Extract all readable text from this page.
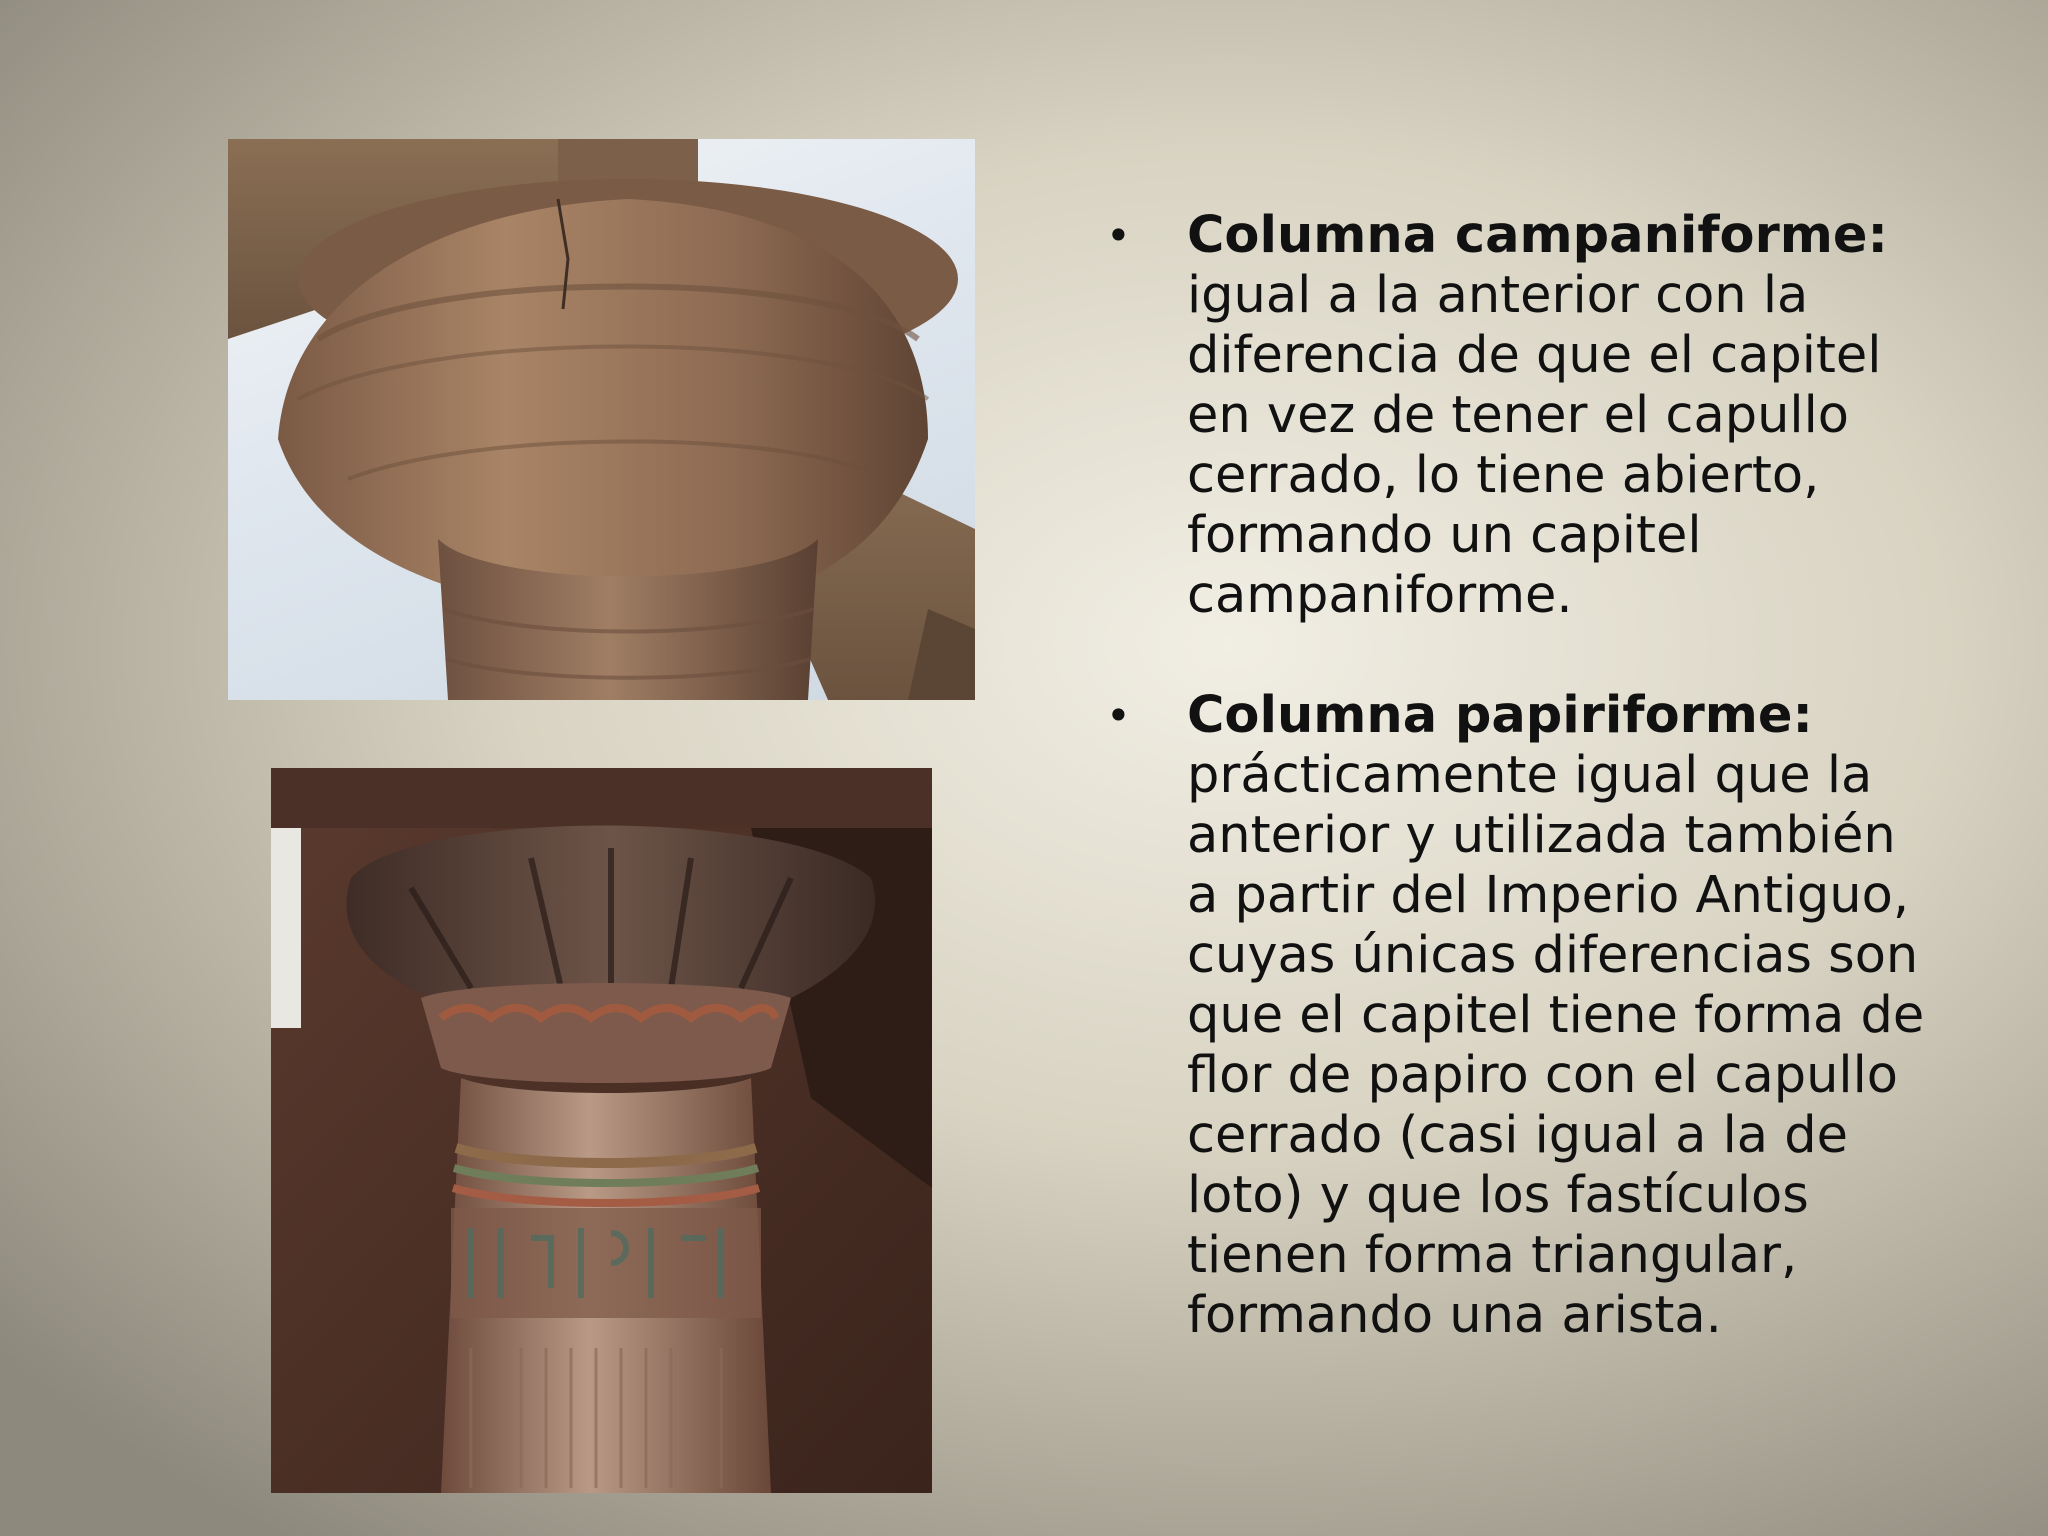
• Columna campaniforme:
igual a la anterior con la diferencia de que el capitel en vez de tener el capullo cerrado, lo tiene abierto, formando un capitel campaniforme.
• Columna papiriforme:
prácticamente igual que la anterior y utilizada también a partir del Imperio Antiguo, cuyas únicas diferencias son que el capitel tiene forma de flor de papiro con el capullo cerrado (casi igual a la de loto) y que los fastículos tienen forma triangular, formando una arista.
